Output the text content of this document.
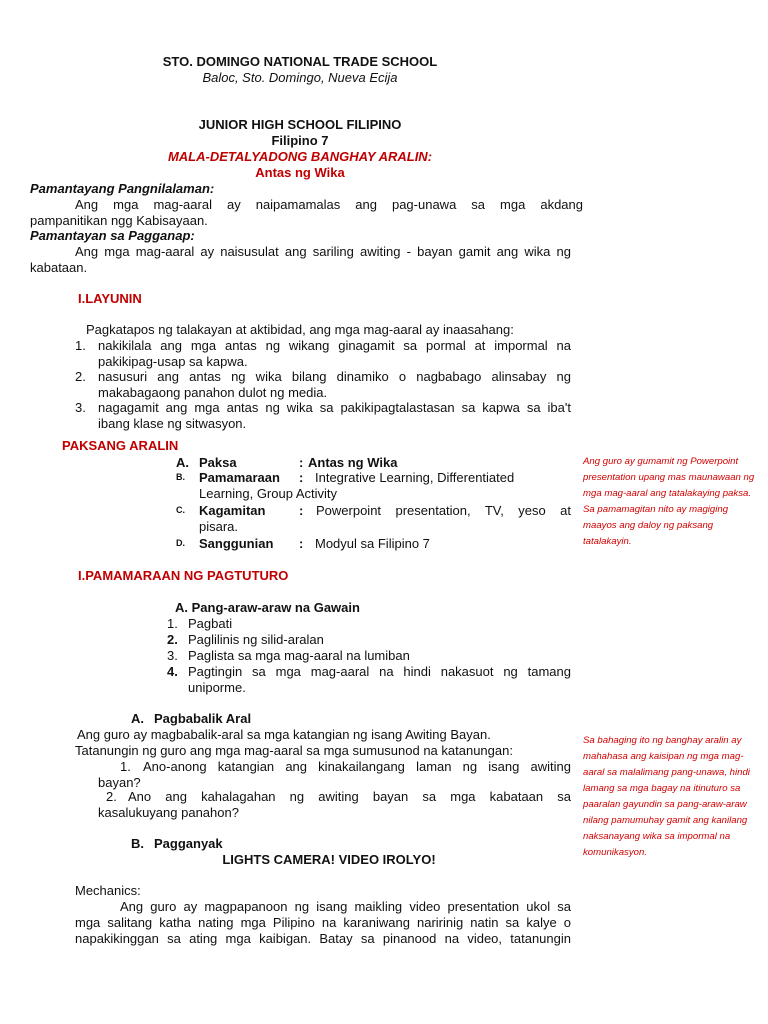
STO. DOMINGO NATIONAL TRADE SCHOOL
Baloc, Sto. Domingo, Nueva Ecija
JUNIOR HIGH SCHOOL FILIPINO
Filipino 7
MALA-DETALYADONG BANGHAY ARALIN:
Antas ng Wika
Pamantayang Pangnilalaman:
Ang mga mag-aaral ay naipamamalas ang pag-unawa sa mga akdang
pampanitikan ngg Kabisayaan.
Pamantayan sa Pagganap:
Ang mga mag-aaral ay naisusulat ang sariling awiting - bayan gamit ang wika ng
kabataan.
I.LAYUNIN
Pagkatapos ng talakayan at aktibidad, ang mga mag-aaral ay inaasahang:
1. nakikilala ang mga antas ng wikang ginagamit sa pormal at impormal na
pakikipag-usap sa kapwa.
2. nasusuri ang antas ng wika bilang dinamiko o nagbabago alinsabay ng
makabagaong panahon dulot ng media.
3. nagagamit ang mga antas ng wika sa pakikipagtalastasan sa kapwa sa iba't
ibang klase ng sitwasyon.
PAKSANG ARALIN
A. Paksa	: Antas ng Wika
B. Pamamaraan : Integrative Learning, Differentiated
Learning, Group Activity
C. Kagamitan	: Powerpoint presentation, TV, yeso at
pisara.
D. Sanggunian : Modyul sa Filipino 7
Ang guro ay gumamit ng Powerpoint presentation upang mas maunawaan ng mga mag-aaral ang tatalakaying paksa. Sa pamamagitan nito ay magiging maayos ang daloy ng paksang tatalakayin.
I.PAMAMARAAN NG PAGTUTURO
A. Pang-araw-araw na Gawain
1. Pagbati
2. Paglilinis ng silid-aralan
3. Paglista sa mga mag-aaral na lumiban
4. Pagtingin sa mga mag-aaral na hindi nakasuot ng tamang
uniporme.
A. Pagbabalik Aral
Ang guro ay magbabalik-aral sa mga katangian ng isang Awiting Bayan.
Tatanungin ng guro ang mga mag-aaral sa mga sumusunod na katanungan:
1. Ano-anong katangian ang kinakailangang laman ng isang awiting
bayan?
2. Ano ang kahalagahan ng awiting bayan sa mga kabataan sa
kasalukuyang panahon?
Sa bahaging ito ng banghay aralin ay mahahasa ang kaisipan ng mga mag-aaral sa malalimang pang-unawa, hindi lamang sa mga bagay na itinuturo sa paaralan gayundin sa pang-araw-araw nilang pamumuhay gamit ang kanilang naksanayang wika sa impormal na komunikasyon.
B. Pagganyak
LIGHTS CAMERA! VIDEO IROLYO!
Mechanics:
Ang guro ay magpapanoon ng isang maikling video presentation ukol sa
mga salitang katha nating mga Pilipino na karaniwang naririnig natin sa kalye o
napakikinggan sa ating mga kaibigan. Batay sa pinanood na video, tatanungin
